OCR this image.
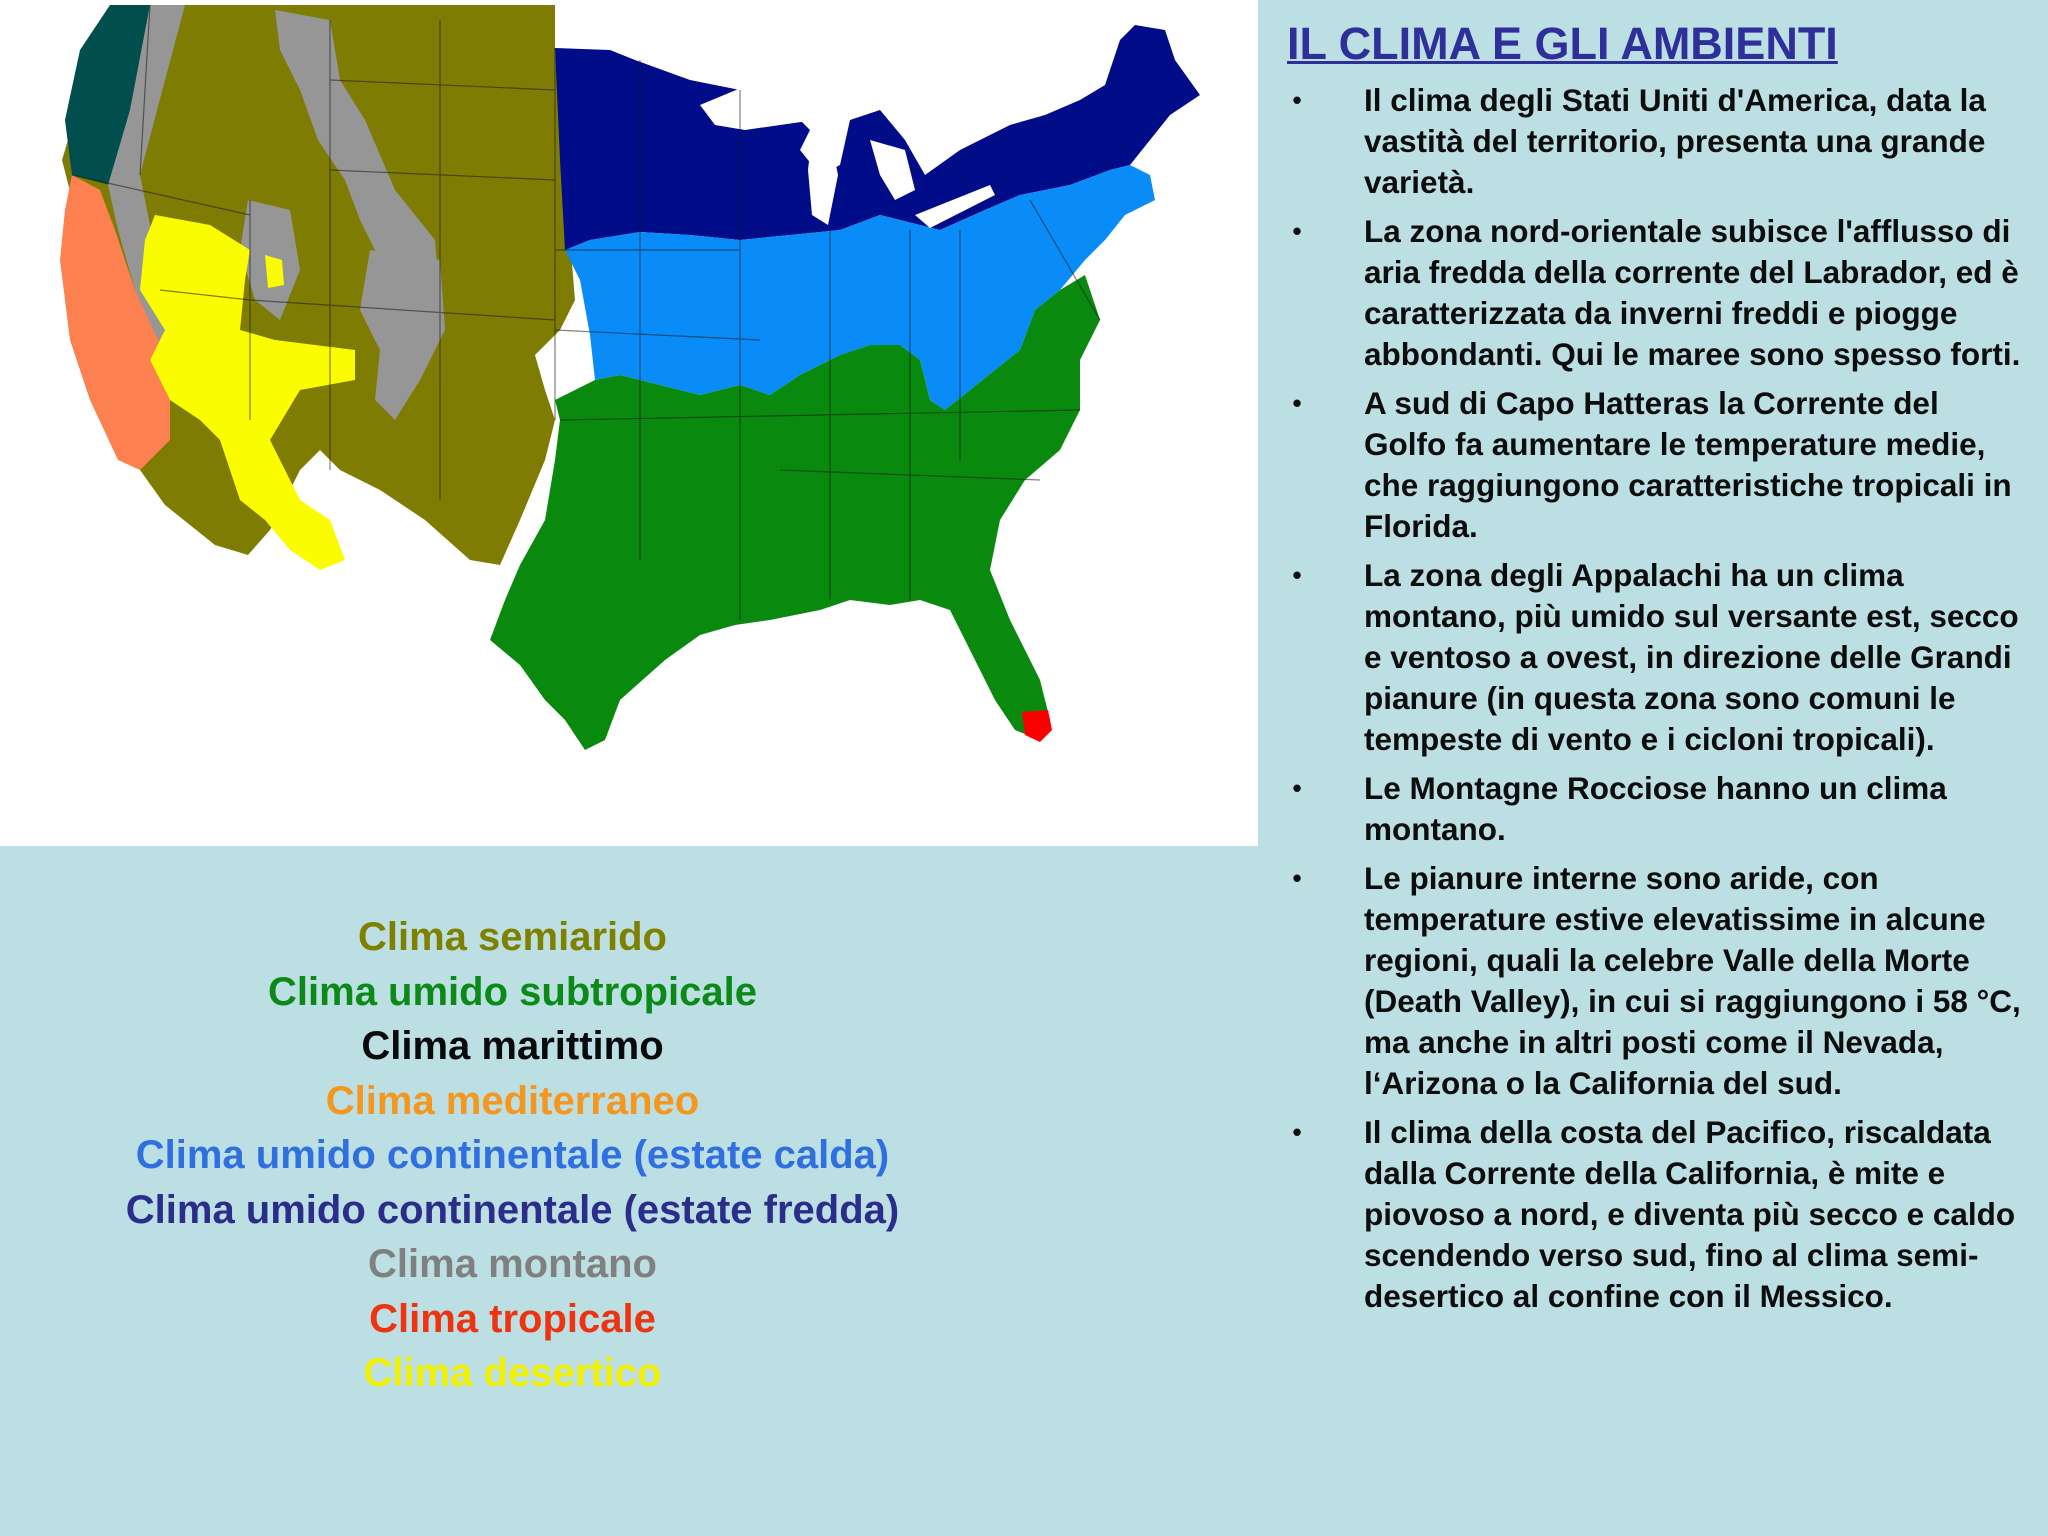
Clima semiarido
Clima umido subtropicale
Clima marittimo
Clima mediterraneo
Clima umido continentale (estate calda)
Clima umido continentale (estate fredda)
Clima montano
Clima tropicale
Clima desertico
IL CLIMA E GLI AMBIENTI
• Il clima degli Stati Uniti d'America, data la vastità del territorio, presenta una grande varietà.
• La zona nord-orientale subisce l'afflusso di aria fredda della corrente del Labrador, ed è caratterizzata da inverni freddi e piogge abbondanti. Qui le maree sono spesso forti.
• A sud di Capo Hatteras la Corrente del Golfo fa aumentare le temperature medie, che raggiungono caratteristiche tropicali in Florida.
• La zona degli Appalachi ha un clima montano, più umido sul versante est, secco e ventoso a ovest, in direzione delle Grandi pianure (in questa zona sono comuni le tempeste di vento e i cicloni tropicali).
• Le Montagne Rocciose hanno un clima montano.
• Le pianure interne sono aride, con temperature estive elevatissime in alcune regioni, quali la celebre Valle della Morte (Death Valley), in cui si raggiungono i 58 °C, ma anche in altri posti come il Nevada, l‘Arizona o la California del sud.
• Il clima della costa del Pacifico, riscaldata dalla Corrente della California, è mite e piovoso a nord, e diventa più secco e caldo scendendo verso sud, fino al clima semi-desertico al confine con il Messico.
